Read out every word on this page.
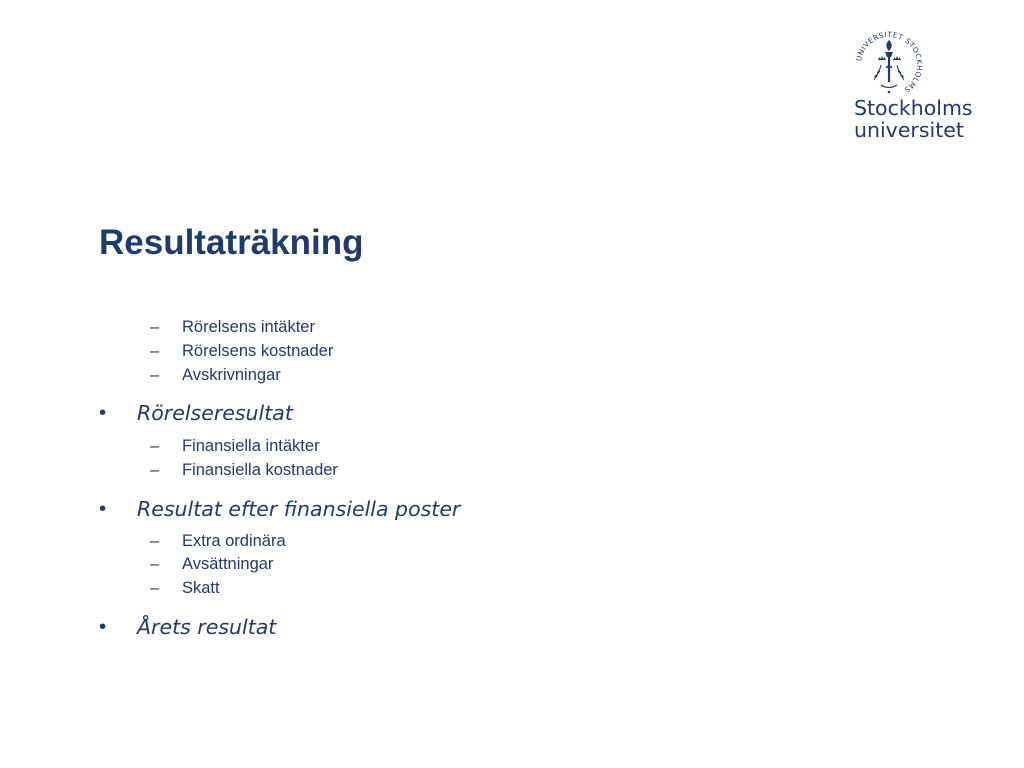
UNIVERSITET STOCKHOLMS
Stockholms
universitet
Resultaträkning
– Rörelsens intäkter
– Rörelsens kostnader
– Avskrivningar
• Rörelseresultat
– Finansiella intäkter
– Finansiella kostnader
• Resultat efter finansiella poster
– Extra ordinära
– Avsättningar
– Skatt
• Årets resultat
